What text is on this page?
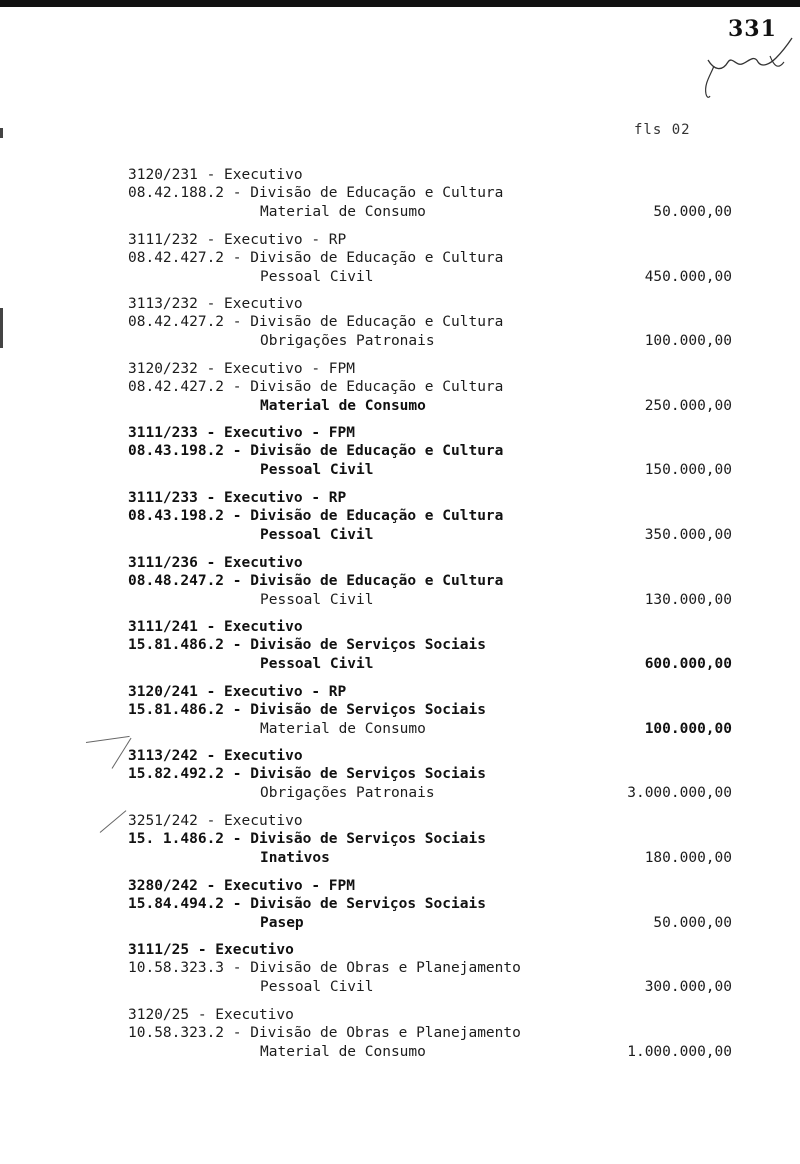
331
fls 02
3120/231 - Executivo
08.42.188.2 - Divisão de Educação e Cultura
Material de Consumo	50.000,00
3111/232 - Executivo - RP
08.42.427.2 - Divisão de Educação e Cultura
Pessoal Civil	450.000,00
3113/232 - Executivo
08.42.427.2 - Divisão de Educação e Cultura
Obrigações Patronais	100.000,00
3120/232 - Executivo - FPM
08.42.427.2 - Divisão de Educação e Cultura
Material de Consumo	250.000,00
3111/233 - Executivo - FPM
08.43.198.2 - Divisão de Educação e Cultura
Pessoal Civil	150.000,00
3111/233 - Executivo - RP
08.43.198.2 - Divisão de Educação e Cultura
Pessoal Civil	350.000,00
3111/236 - Executivo
08.48.247.2 - Divisão de Educação e Cultura
Pessoal Civil	130.000,00
3111/241 - Executivo
15.81.486.2 - Divisão de Serviços Sociais
Pessoal Civil	600.000,00
3120/241 - Executivo - RP
15.81.486.2 - Divisão de Serviços Sociais
Material de Consumo	100.000,00
3113/242 - Executivo
15.82.492.2 - Divisão de Serviços Sociais
Obrigações Patronais	3.000.000,00
3251/242 - Executivo
15. 1.486.2 - Divisão de Serviços Sociais
Inativos	180.000,00
3280/242 - Executivo - FPM
15.84.494.2 - Divisão de Serviços Sociais
Pasep	50.000,00
3111/25 - Executivo
10.58.323.3 - Divisão de Obras e Planejamento
Pessoal Civil	300.000,00
3120/25 - Executivo
10.58.323.2 - Divisão de Obras e Planejamento
Material de Consumo	1.000.000,00
